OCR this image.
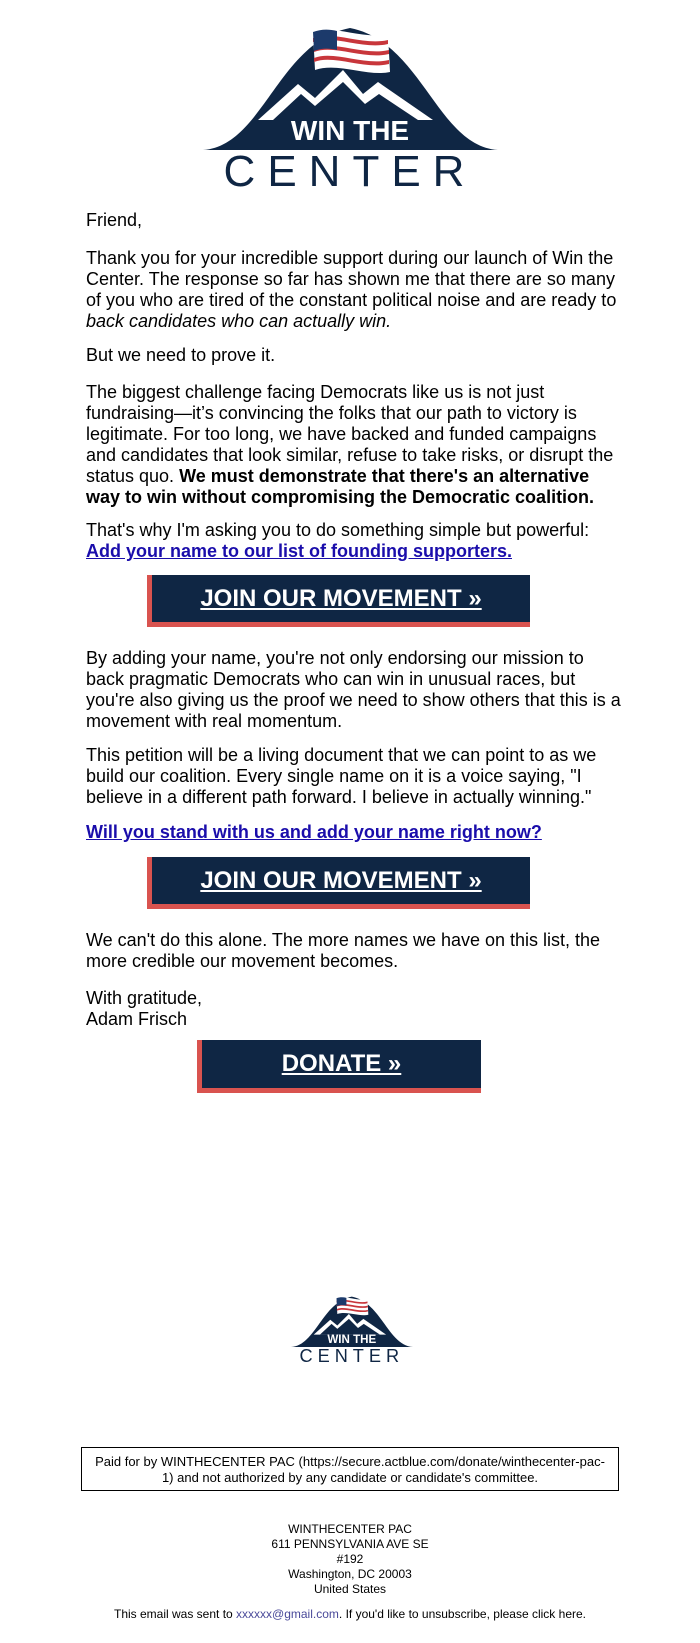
WIN THE
CENTER

Friend,

Thank you for your incredible support during our launch of Win the Center. The response so far has shown me that there are so many of you who are tired of the constant political noise and are ready to back candidates who can actually win.

But we need to prove it.

The biggest challenge facing Democrats like us is not just fundraising—it’s convincing the folks that our path to victory is legitimate. For too long, we have backed and funded campaigns and candidates that look similar, refuse to take risks, or disrupt the status quo. We must demonstrate that there's an alternative way to win without compromising the Democratic coalition.

That's why I'm asking you to do something simple but powerful:
Add your name to our list of founding supporters.

By adding your name, you're not only endorsing our mission to back pragmatic Democrats who can win in unusual races, but you're also giving us the proof we need to show others that this is a movement with real momentum.

This petition will be a living document that we can point to as we build our coalition. Every single name on it is a voice saying, "I believe in a different path forward. I believe in actually winning."

Will you stand with us and add your name right now?

We can't do this alone. The more names we have on this list, the more credible our movement becomes.

With gratitude,

Adam Frisch

JOIN OUR MOVEMENT »
JOIN OUR MOVEMENT »
DONATE »
WIN THE
CENTER
Paid for by WINTHECENTER PAC (https://secure.actblue.com/donate/winthecenter-pac-1) and not authorized by any candidate or candidate's committee.
WINTHECENTER PAC
611 PENNSYLVANIA AVE SE
#192
Washington, DC 20003
United States
This email was sent to xxxxxx@gmail.com. If you'd like to unsubscribe, please click here.
